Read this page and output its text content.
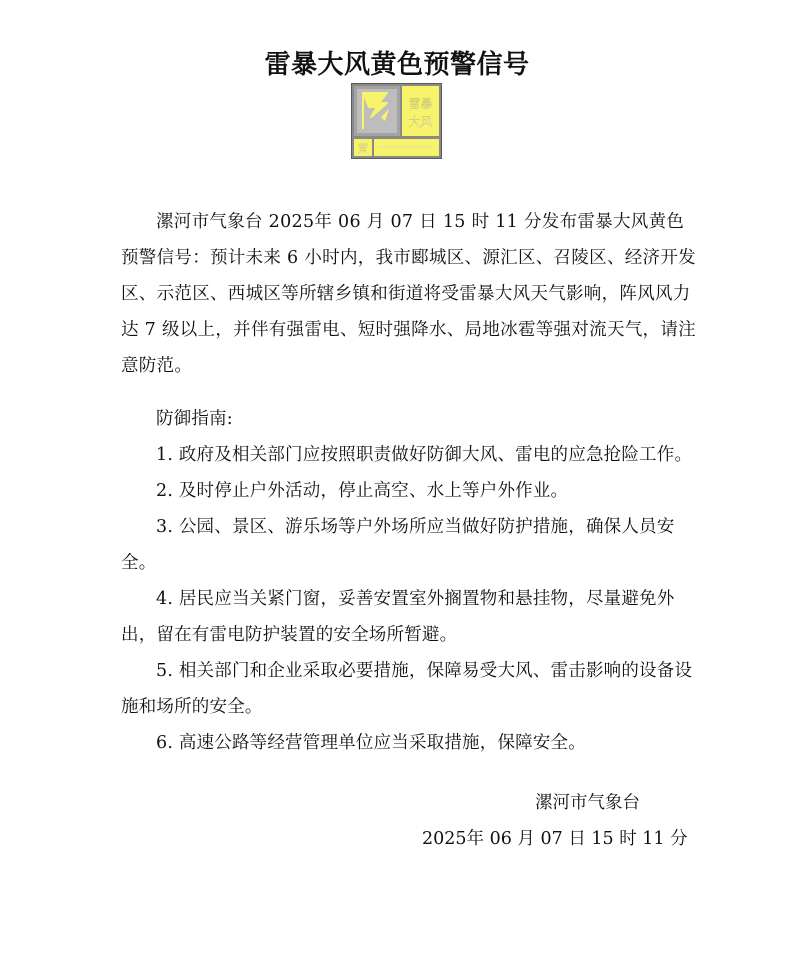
雷暴大风黄色预警信号
雷暴
大风
黄

漯河市气象台 2025年 06 月 07 日 15 时 11 分发布雷暴大风黄色预警信号：预计未来 6 小时内，我市郾城区、源汇区、召陵区、经济开发区、示范区、西城区等所辖乡镇和街道将受雷暴大风天气影响，阵风风力达 7 级以上，并伴有强雷电、短时强降水、局地冰雹等强对流天气，请注意防范。

防御指南:

1. 政府及相关部门应按照职责做好防御大风、雷电的应急抢险工作。

2. 及时停止户外活动，停止高空、水上等户外作业。

3. 公园、景区、游乐场等户外场所应当做好防护措施，确保人员安全。

4. 居民应当关紧门窗，妥善安置室外搁置物和悬挂物，尽量避免外出，留在有雷电防护装置的安全场所暂避。

5. 相关部门和企业采取必要措施，保障易受大风、雷击影响的设备设施和场所的安全。

6. 高速公路等经营管理单位应当采取措施，保障安全。

漯河市气象台
2025年 06 月 07 日 15 时 11 分
